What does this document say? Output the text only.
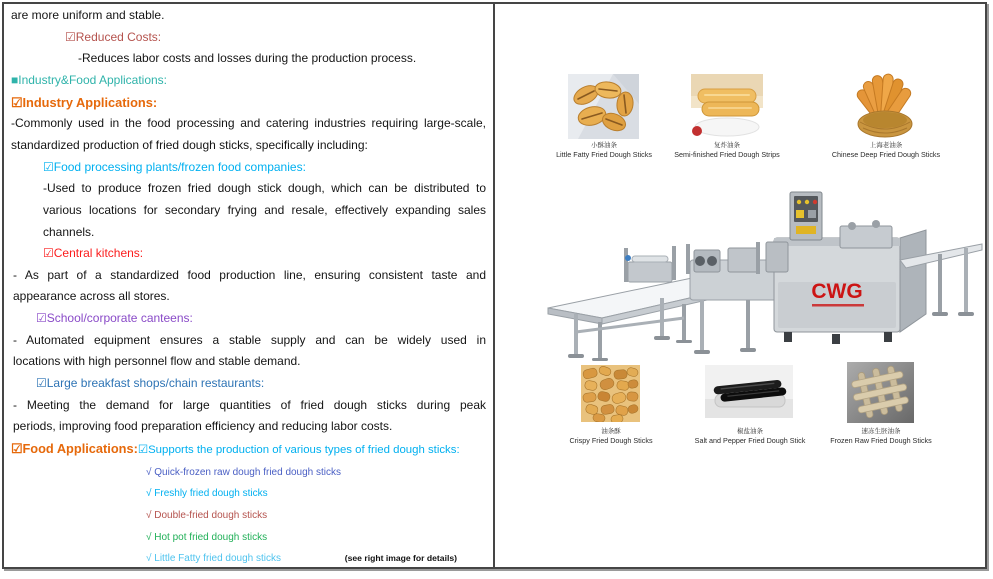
are more uniform and stable.
☑Reduced Costs:
-Reduces labor costs and losses during the production process.
■Industry&Food Applications:
☑Industry Applications:
-Commonly used in the food processing and catering industries requiring large-scale,
standardized production of fried dough sticks, specifically including:
☑Food processing plants/frozen food companies:
-Used to produce frozen fried dough stick dough, which can be distributed to
various locations for secondary frying and resale, effectively expanding sales
channels.
☑Central kitchens:
- As part of a standardized food production line, ensuring consistent taste and
appearance across all stores.
☑School/corporate canteens:
- Automated equipment ensures a stable supply and can be widely used in
locations with high personnel flow and stable demand.
☑Large breakfast shops/chain restaurants:
- Meeting the demand for large quantities of fried dough sticks during peak
periods, improving food preparation efficiency and reducing labor costs.
☑Food Applications:☑Supports the production of various types of fried dough sticks:
√ Quick-frozen raw dough fried dough sticks
√ Freshly fried dough sticks
√ Double-fried dough sticks
√ Hot pot fried dough sticks
√ Little Fatty fried dough sticks	(see right image for details)
小酥油条
Little Fatty Fried Dough Sticks
复炸油条
Semi-finished Fried Dough Strips
上海老油条
Chinese Deep Fried Dough Sticks
CWG
油条酥
Crispy Fried Dough Sticks
椒盐油条
Salt and Pepper Fried Dough Stick
速冻生胚油条
Frozen Raw Fried Dough Sticks
